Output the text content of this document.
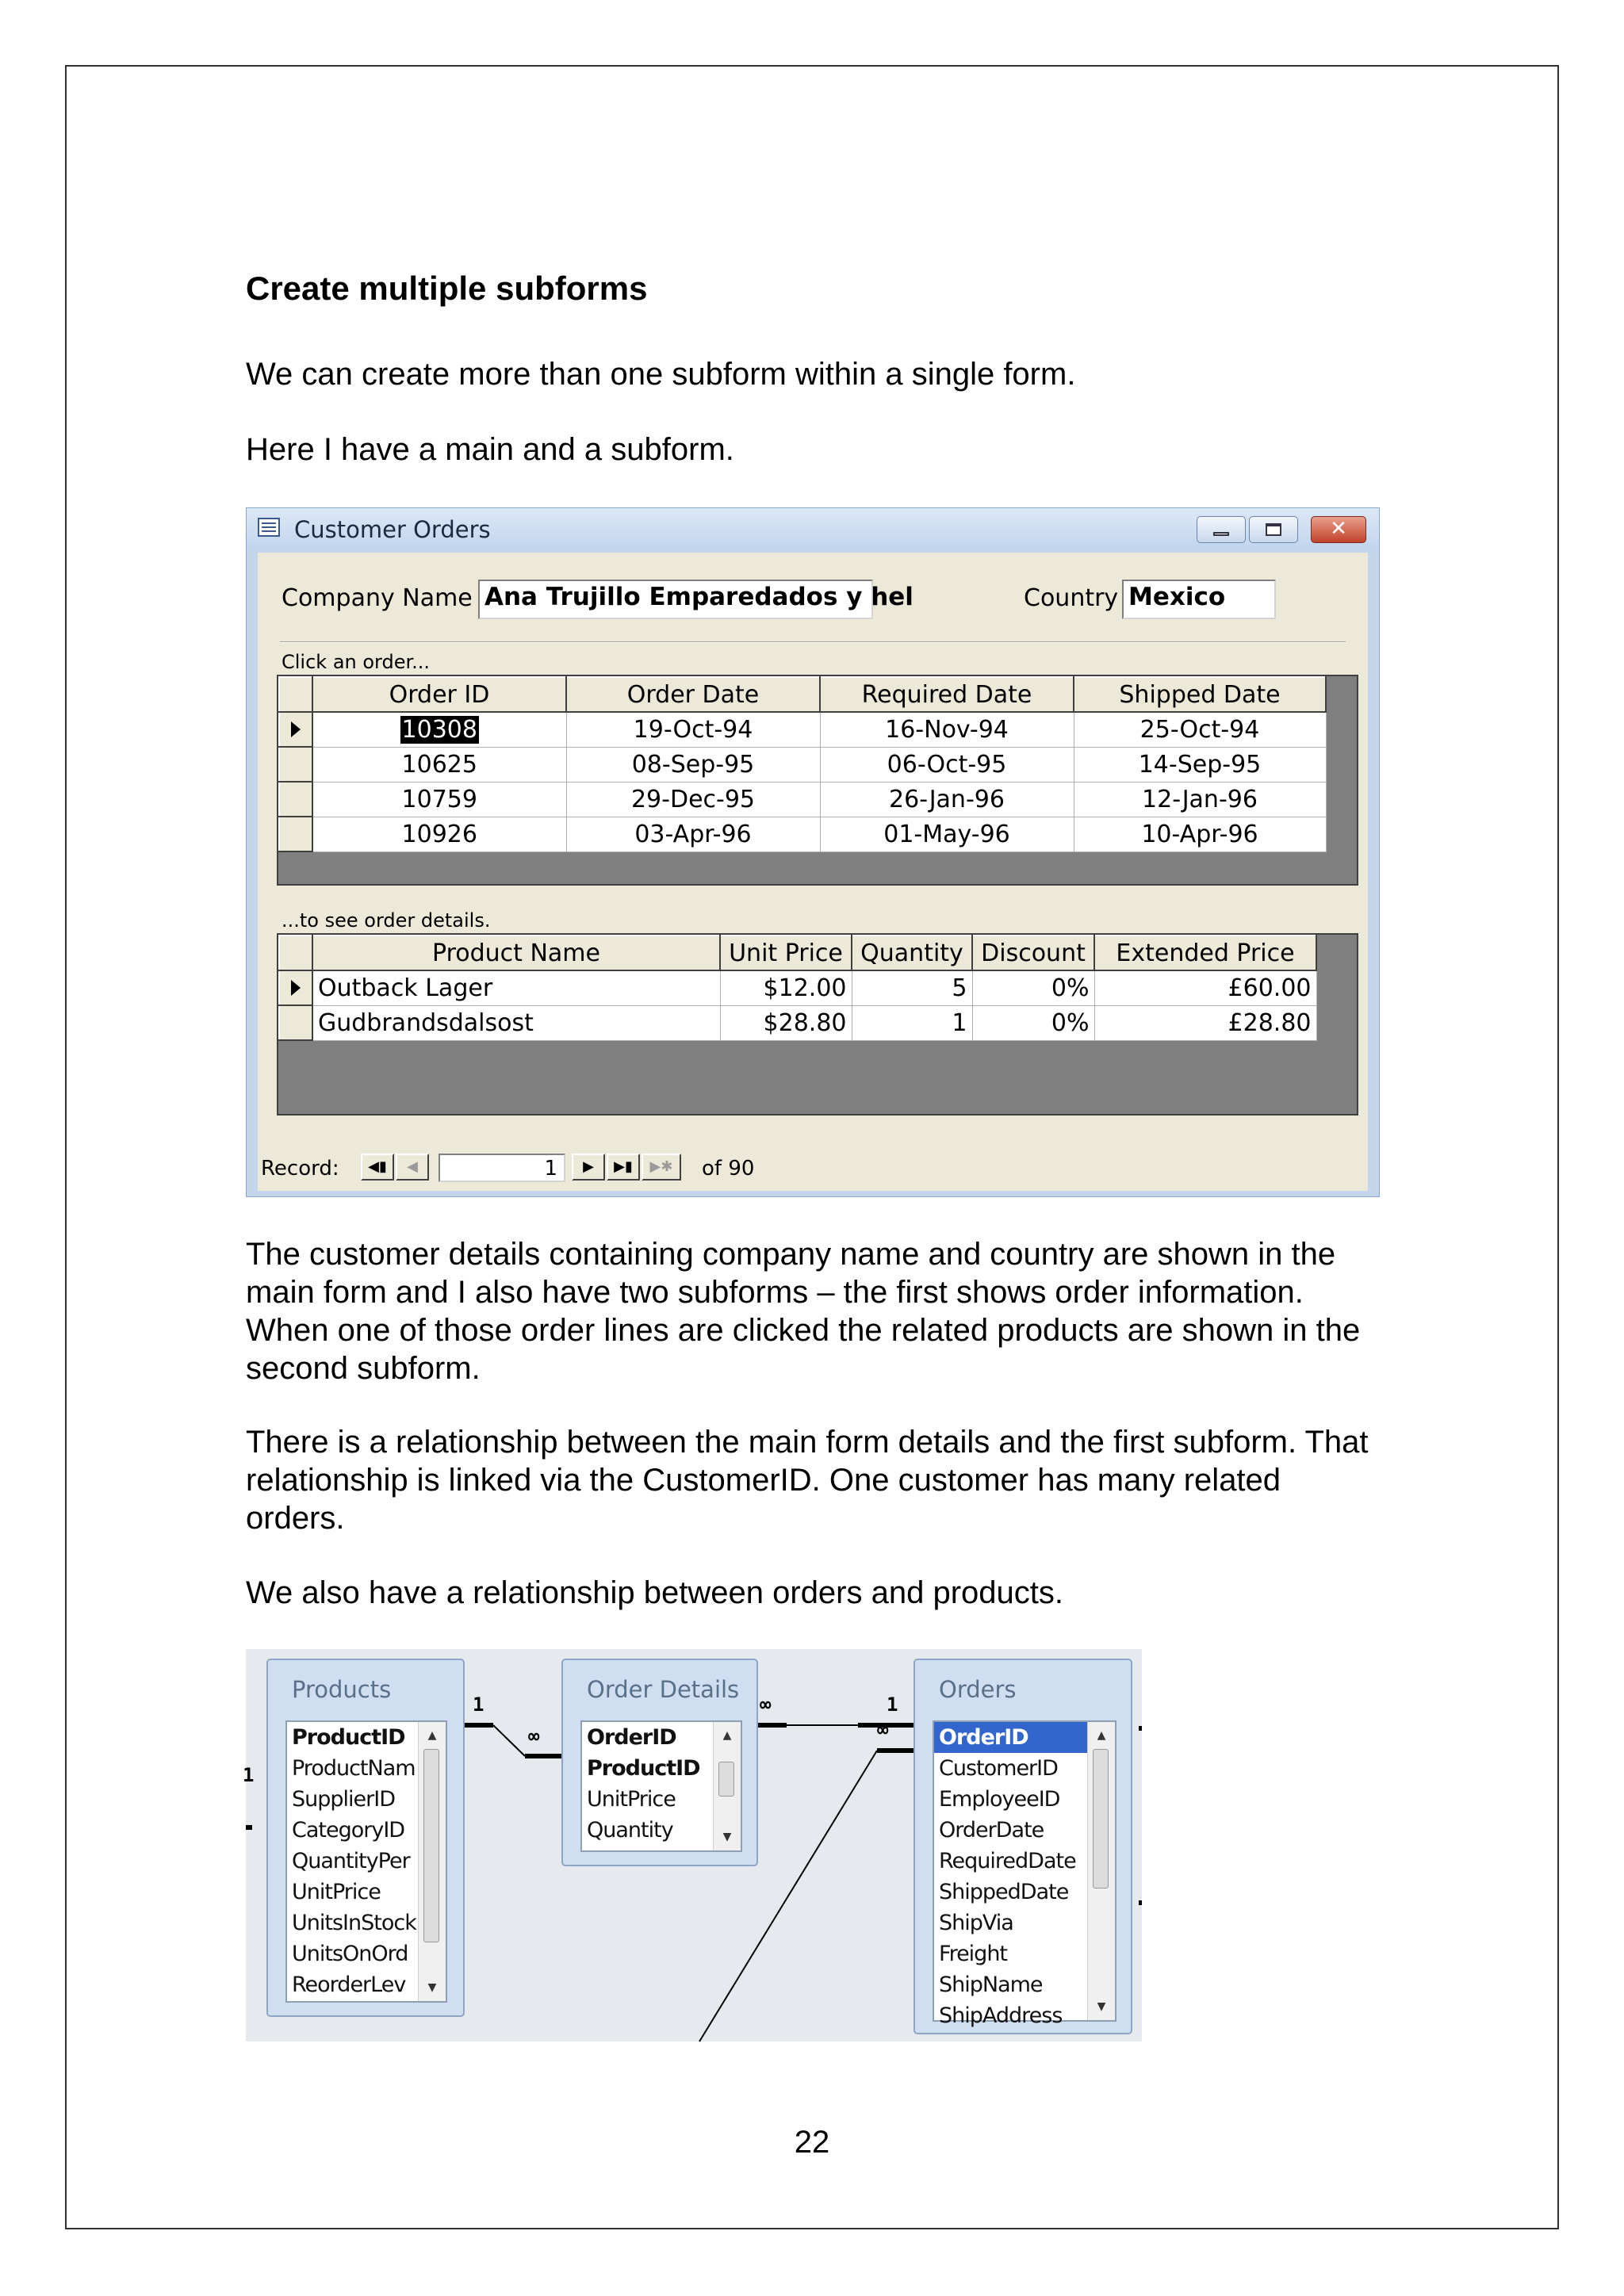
Create multiple subforms
We can create more than one subform within a single form.
Here I have a main and a subform.
Customer Orders
✕
Company Name Ana Trujillo Emparedados y hel	Country Mexico
Click an order...
	Order ID	Order Date	Required Date	Shipped Date
	10308	19-Oct-94	16-Nov-94	25-Oct-94
	10625	08-Sep-95	06-Oct-95	14-Sep-95
	10759	29-Dec-95	26-Jan-96	12-Jan-96
	10926	03-Apr-96	01-May-96	10-Apr-96
...to see order details.
	Product Name	Unit Price	Quantity	Discount	Extended Price
	Outback Lager	$12.00	5	0%	£60.00
	Gudbrandsdalsost	$28.80	1	0%	£28.80
Record:	◀▮	◀	1	▶	▶▮	▶✱	of 90
The customer details containing company name and country are shown in the main form and I also have two subforms – the first shows order information. When one of those order lines are clicked the related products are shown in the second subform.
There is a relationship between the main form details and the first subform. That relationship is linked via the CustomerID. One customer has many related orders.
We also have a relationship between orders and products.
1
∞
∞	1
∞
1
Products
ProductID
ProductNam
SupplierID
CategoryID
QuantityPer
UnitPrice
UnitsInStock
UnitsOnOrd
ReorderLev
▲
▼
Order Details
OrderID
ProductID
UnitPrice
Quantity
▲
▼
Orders
OrderID
CustomerID
EmployeeID
OrderDate
RequiredDate
ShippedDate
ShipVia
Freight
ShipName
ShipAddress
▲
▼
22
